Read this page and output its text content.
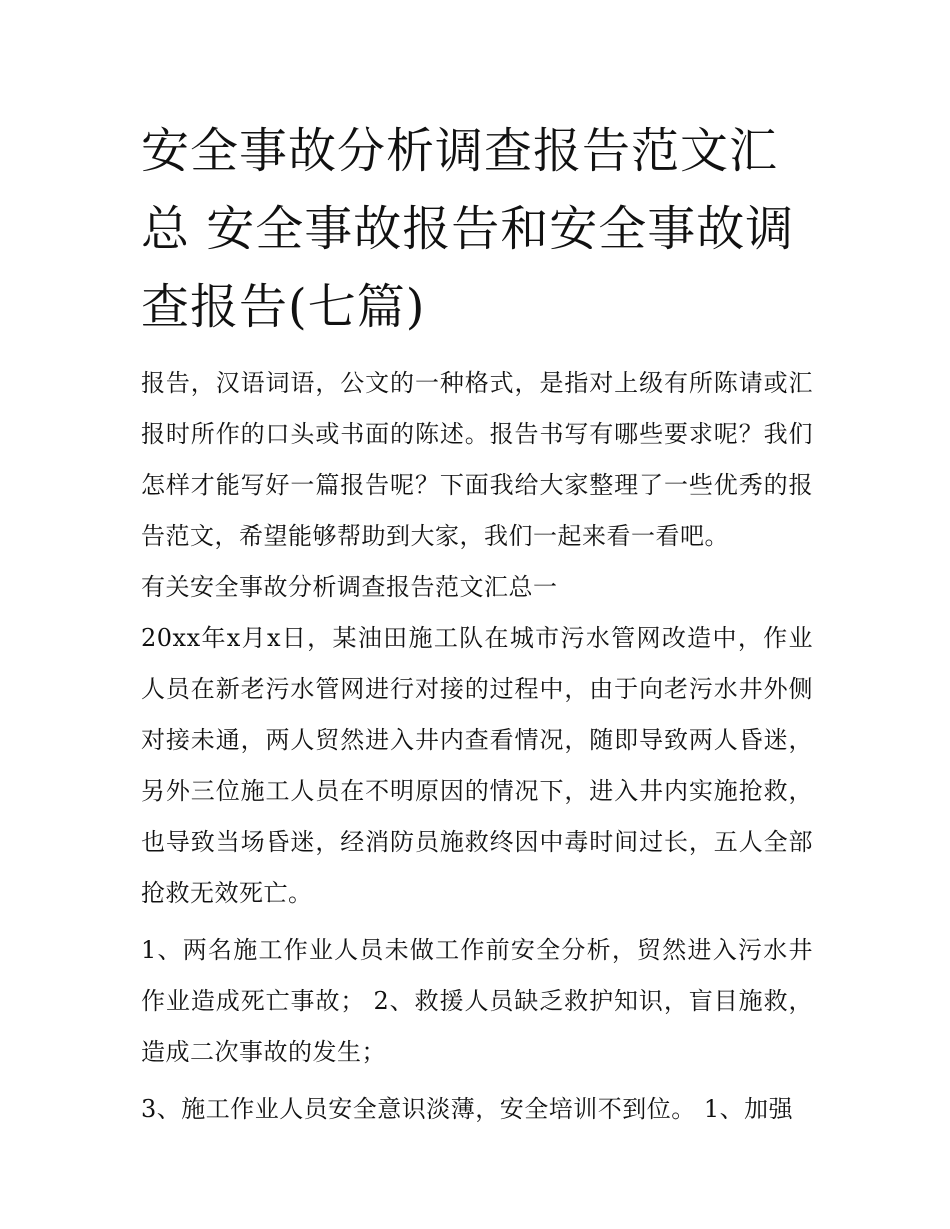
安全事故分析调查报告范文汇总 安全事故报告和安全事故调查报告(七篇)

报告，汉语词语，公文的一种格式，是指对上级有所陈请或汇报时所作的口头或书面的陈述。报告书写有哪些要求呢？我们怎样才能写好一篇报告呢？下面我给大家整理了一些优秀的报告范文，希望能够帮助到大家，我们一起来看一看吧。

有关安全事故分析调查报告范文汇总一

20xx年x月x日，某油田施工队在城市污水管网改造中，作业人员在新老污水管网进行对接的过程中，由于向老污水井外侧对接未通，两人贸然进入井内查看情况，随即导致两人昏迷，另外三位施工人员在不明原因的情况下，进入井内实施抢救，也导致当场昏迷，经消防员施救终因中毒时间过长，五人全部抢救无效死亡。

1、两名施工作业人员未做工作前安全分析，贸然进入污水井作业造成死亡事故； 2、救援人员缺乏救护知识，盲目施救，造成二次事故的发生；

3、施工作业人员安全意识淡薄，安全培训不到位。 1、加强
